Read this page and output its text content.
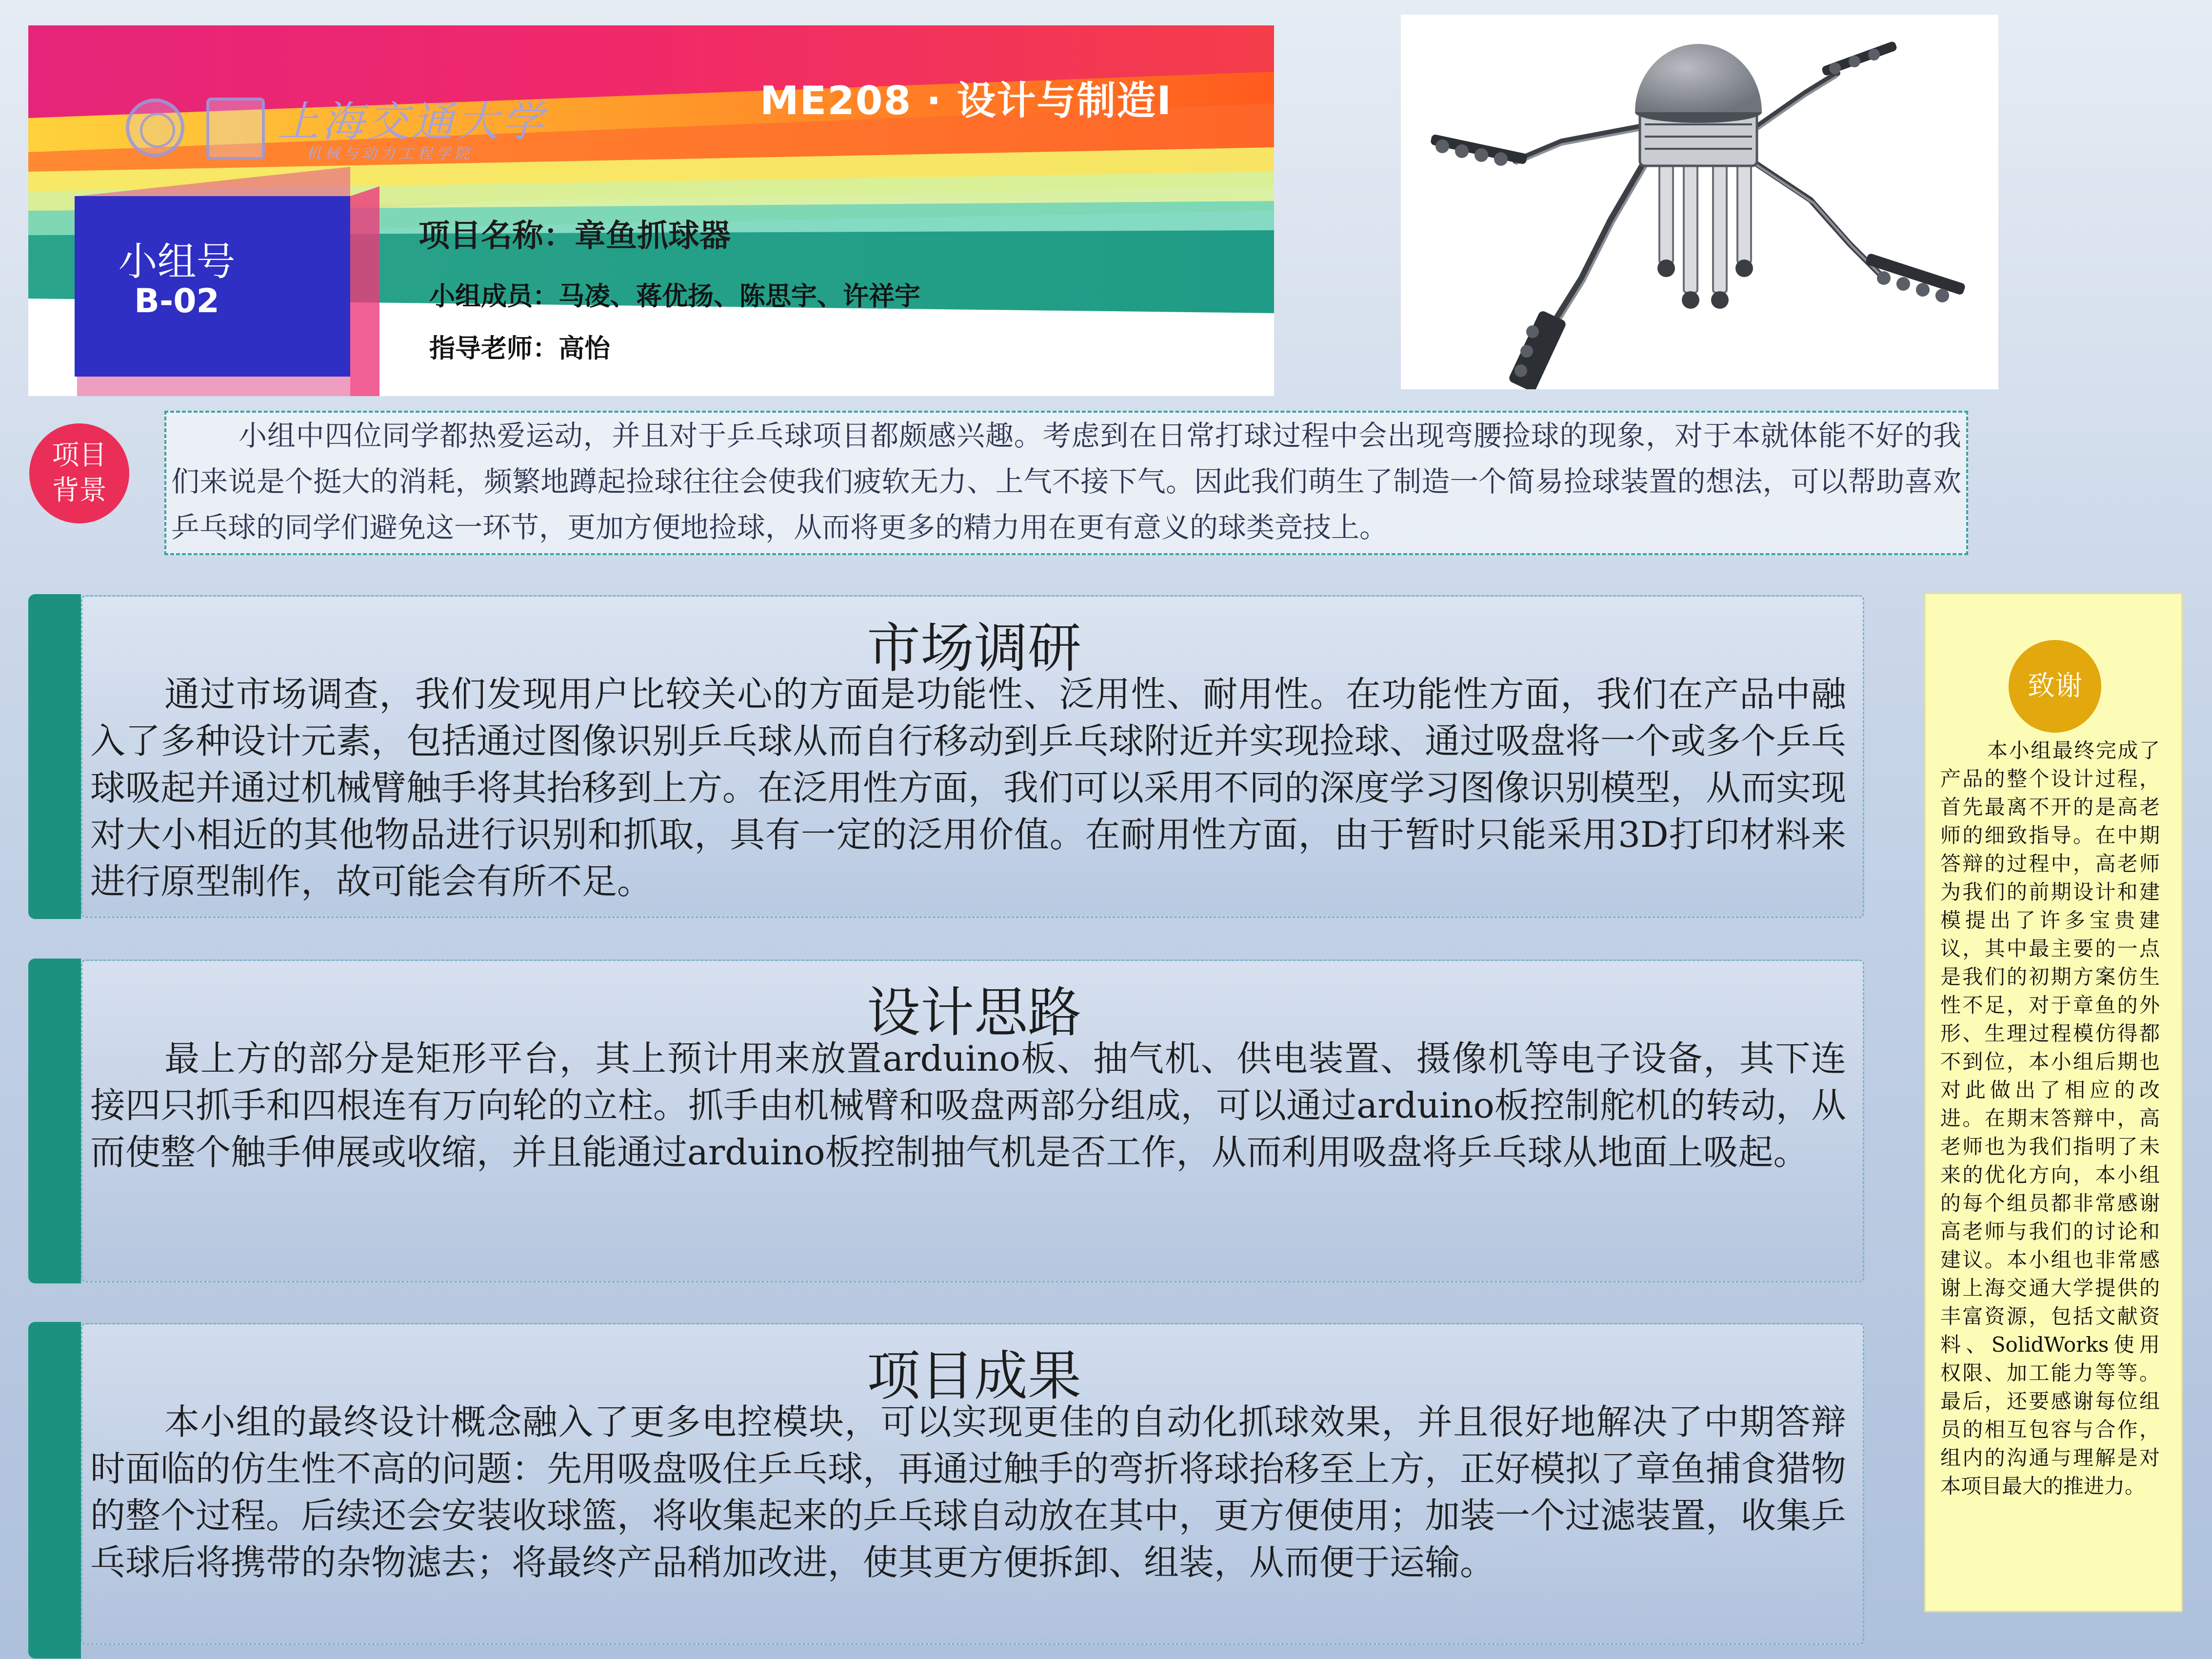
上海交通大学
机械与动力工程学院
ME208 · 设计与制造I
小组号
B-02
项目名称：章鱼抓球器
小组成员：马凌、蒋优扬、陈思宇、许祥宇
指导老师：高怡
项目
背景

小组中四位同学都热爱运动，并且对于乒乓球项目都颇感兴趣。考虑到在日常打球过程中会出现弯腰捡球的现象，对于本就体能不好的我们来说是个挺大的消耗，频繁地蹲起捡球往往会使我们疲软无力、上气不接下气。因此我们萌生了制造一个简易捡球装置的想法，可以帮助喜欢乒乓球的同学们避免这一环节，更加方便地捡球，从而将更多的精力用在更有意义的球类竞技上。

市场调研
通过市场调查，我们发现用户比较关心的方面是功能性、泛用性、耐用性。在功能性方面，我们在产品中融入了多种设计元素，包括通过图像识别乒乓球从而自行移动到乒乓球附近并实现捡球、通过吸盘将一个或多个乒乓球吸起并通过机械臂触手将其抬移到上方。在泛用性方面，我们可以采用不同的深度学习图像识别模型，从而实现对大小相近的其他物品进行识别和抓取，具有一定的泛用价值。在耐用性方面，由于暂时只能采用3D打印材料来进行原型制作，故可能会有所不足。
设计思路
最上方的部分是矩形平台，其上预计用来放置arduino板、抽气机、供电装置、摄像机等电子设备，其下连接四只抓手和四根连有万向轮的立柱。抓手由机械臂和吸盘两部分组成，可以通过arduino板控制舵机的转动，从而使整个触手伸展或收缩，并且能通过arduino板控制抽气机是否工作，从而利用吸盘将乒乓球从地面上吸起。
项目成果
本小组的最终设计概念融入了更多电控模块，可以实现更佳的自动化抓球效果，并且很好地解决了中期答辩时面临的仿生性不高的问题：先用吸盘吸住乒乓球，再通过触手的弯折将球抬移至上方，正好模拟了章鱼捕食猎物的整个过程。后续还会安装收球篮，将收集起来的乒乓球自动放在其中，更方便使用；加装一个过滤装置，收集乒乓球后将携带的杂物滤去；将最终产品稍加改进，使其更方便拆卸、组装，从而便于运输。
致谢
本小组最终完成了产品的整个设计过程，首先最离不开的是高老师的细致指导。在中期答辩的过程中，高老师为我们的前期设计和建模提出了许多宝贵建议，其中最主要的一点是我们的初期方案仿生性不足，对于章鱼的外形、生理过程模仿得都不到位，本小组后期也对此做出了相应的改进。在期末答辩中，高老师也为我们指明了未来的优化方向，本小组的每个组员都非常感谢高老师与我们的讨论和建议。本小组也非常感谢上海交通大学提供的丰富资源，包括文献资料、SolidWorks使用权限、加工能力等等。最后，还要感谢每位组员的相互包容与合作，组内的沟通与理解是对本项目最大的推进力。
